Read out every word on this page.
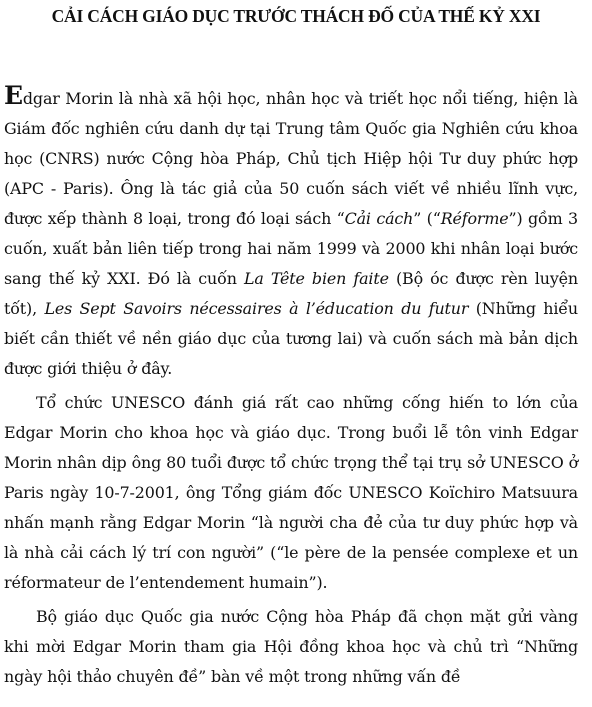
CẢI CÁCH GIÁO DỤC TRƯỚC THÁCH ĐỐ CỦA THẾ KỶ XXI

Edgar Morin là nhà xã hội học, nhân học và triết học nổi tiếng, hiện là Giám đốc nghiên cứu danh dự tại Trung tâm Quốc gia Nghiên cứu khoa học (CNRS) nước Cộng hòa Pháp, Chủ tịch Hiệp hội Tư duy phức hợp (APC - Paris). Ông là tác giả của 50 cuốn sách viết về nhiều lĩnh vực, được xếp thành 8 loại, trong đó loại sách “Cải cách” (“Réforme”) gồm 3 cuốn, xuất bản liên tiếp trong hai năm 1999 và 2000 khi nhân loại bước sang thế kỷ XXI. Đó là cuốn La Tête bien faite (Bộ óc được rèn luyện tốt), Les Sept Savoirs nécessaires à l’éducation du futur (Những hiểu biết cần thiết về nền giáo dục của tương lai) và cuốn sách mà bản dịch được giới thiệu ở đây.

Tổ chức UNESCO đánh giá rất cao những cống hiến to lớn của Edgar Morin cho khoa học và giáo dục. Trong buổi lễ tôn vinh Edgar Morin nhân dịp ông 80 tuổi được tổ chức trọng thể tại trụ sở UNESCO ở Paris ngày 10-7-2001, ông Tổng giám đốc UNESCO Koïchiro Matsuura nhấn mạnh rằng Edgar Morin “là người cha đẻ của tư duy phức hợp và là nhà cải cách lý trí con người” (“le père de la pensée complexe et un réformateur de l’entendement humain”).

Bộ giáo dục Quốc gia nước Cộng hòa Pháp đã chọn mặt gửi vàng khi mời Edgar Morin tham gia Hội đồng khoa học và chủ trì “Những ngày hội thảo chuyên đề” bàn về một trong những vấn đề
